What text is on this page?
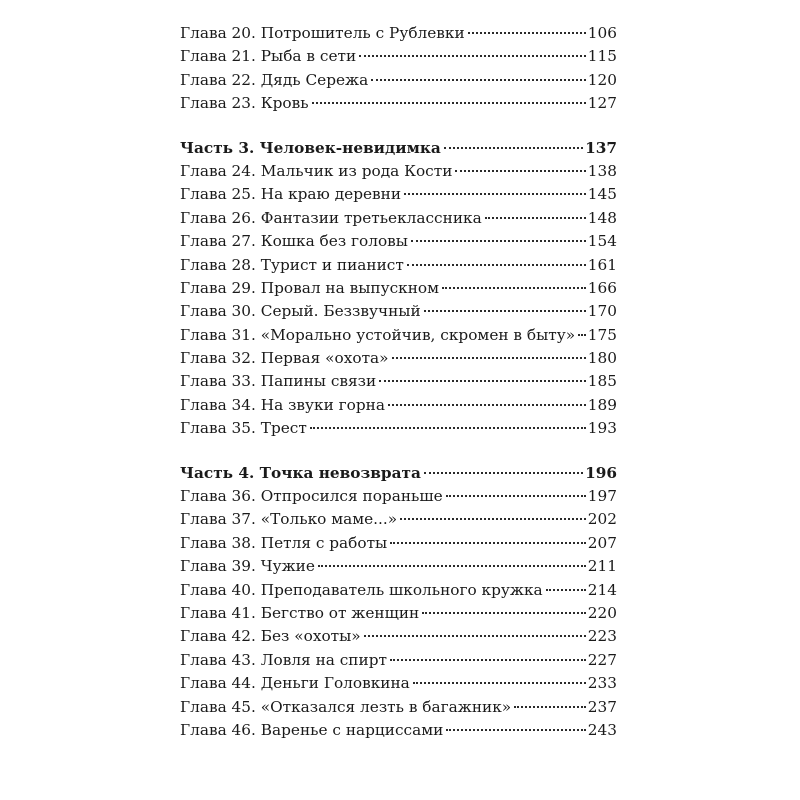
Глава 20. Потрошитель с Рублевки	106
Глава 21. Рыба в сети	115
Глава 22. Дядь Сережа	120
Глава 23. Кровь	127
Часть 3. Человек-невидимка	137
Глава 24. Мальчик из рода Кости	138
Глава 25. На краю деревни	145
Глава 26. Фантазии третьеклассника	148
Глава 27. Кошка без головы	154
Глава 28. Турист и пианист	161
Глава 29. Провал на выпускном	166
Глава 30. Серый. Беззвучный	170
Глава 31. «Морально устойчив, скромен в быту» 175
Глава 32. Первая «охота»	180
Глава 33. Папины связи	185
Глава 34. На звуки горна	189
Глава 35. Трест	193
Часть 4. Точка невозврата	196
Глава 36. Отпросился пораньше	197
Глава 37. «Только маме...»	202
Глава 38. Петля с работы	207
Глава 39. Чужие	211
Глава 40. Преподаватель школьного кружка	214
Глава 41. Бегство от женщин	220
Глава 42. Без «охоты»	223
Глава 43. Ловля на спирт	227
Глава 44. Деньги Головкина	233
Глава 45. «Отказался лезть в багажник»	237
Глава 46. Варенье с нарциссами	243
